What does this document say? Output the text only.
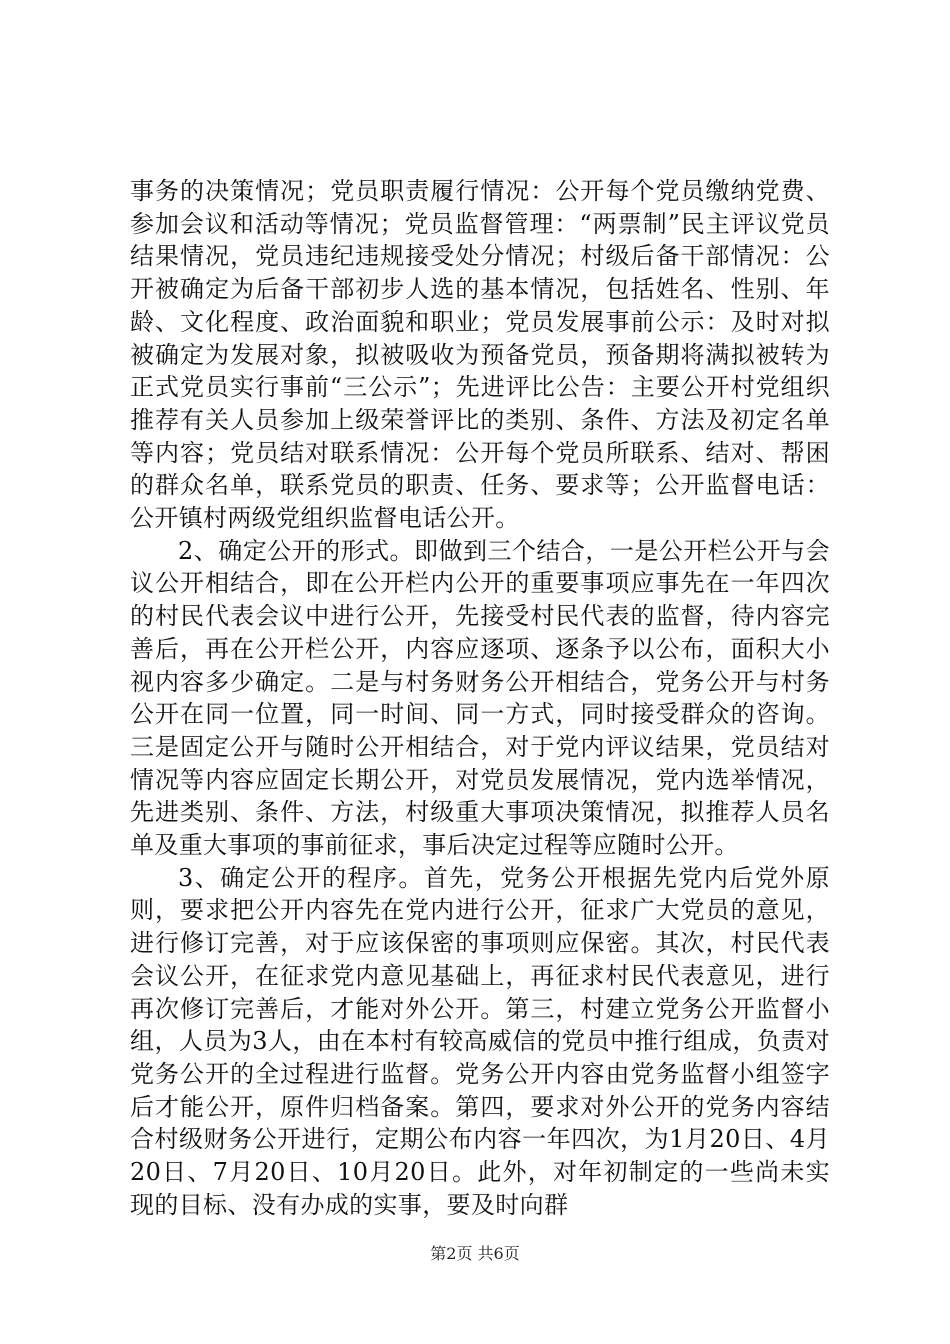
事务的决策情况；党员职责履行情况：公开每个党员缴纳党费、参加会议和活动等情况；党员监督管理：“两票制”民主评议党员结果情况，党员违纪违规接受处分情况；村级后备干部情况：公开被确定为后备干部初步人选的基本情况，包括姓名、性别、年龄、文化程度、政治面貌和职业；党员发展事前公示：及时对拟被确定为发展对象，拟被吸收为预备党员，预备期将满拟被转为正式党员实行事前“三公示”；先进评比公告：主要公开村党组织推荐有关人员参加上级荣誉评比的类别、条件、方法及初定名单等内容；党员结对联系情况：公开每个党员所联系、结对、帮困的群众名单，联系党员的职责、任务、要求等；公开监督电话：公开镇村两级党组织监督电话公开。

2、确定公开的形式。即做到三个结合，一是公开栏公开与会议公开相结合，即在公开栏内公开的重要事项应事先在一年四次的村民代表会议中进行公开，先接受村民代表的监督，待内容完善后，再在公开栏公开，内容应逐项、逐条予以公布，面积大小视内容多少确定。二是与村务财务公开相结合，党务公开与村务公开在同一位置，同一时间、同一方式，同时接受群众的咨询。三是固定公开与随时公开相结合，对于党内评议结果，党员结对情况等内容应固定长期公开，对党员发展情况，党内选举情况，先进类别、条件、方法，村级重大事项决策情况，拟推荐人员名单及重大事项的事前征求，事后决定过程等应随时公开。

3、确定公开的程序。首先，党务公开根据先党内后党外原则，要求把公开内容先在党内进行公开，征求广大党员的意见，进行修订完善，对于应该保密的事项则应保密。其次，村民代表会议公开，在征求党内意见基础上，再征求村民代表意见，进行再次修订完善后，才能对外公开。第三，村建立党务公开监督小组，人员为3人，由在本村有较高威信的党员中推行组成，负责对党务公开的全过程进行监督。党务公开内容由党务监督小组签字后才能公开，原件归档备案。第四，要求对外公开的党务内容结合村级财务公开进行，定期公布内容一年四次，为1月20日、4月20日、7月20日、10月20日。此外，对年初制定的一些尚未实现的目标、没有办成的实事，要及时向群

第2页 共6页
